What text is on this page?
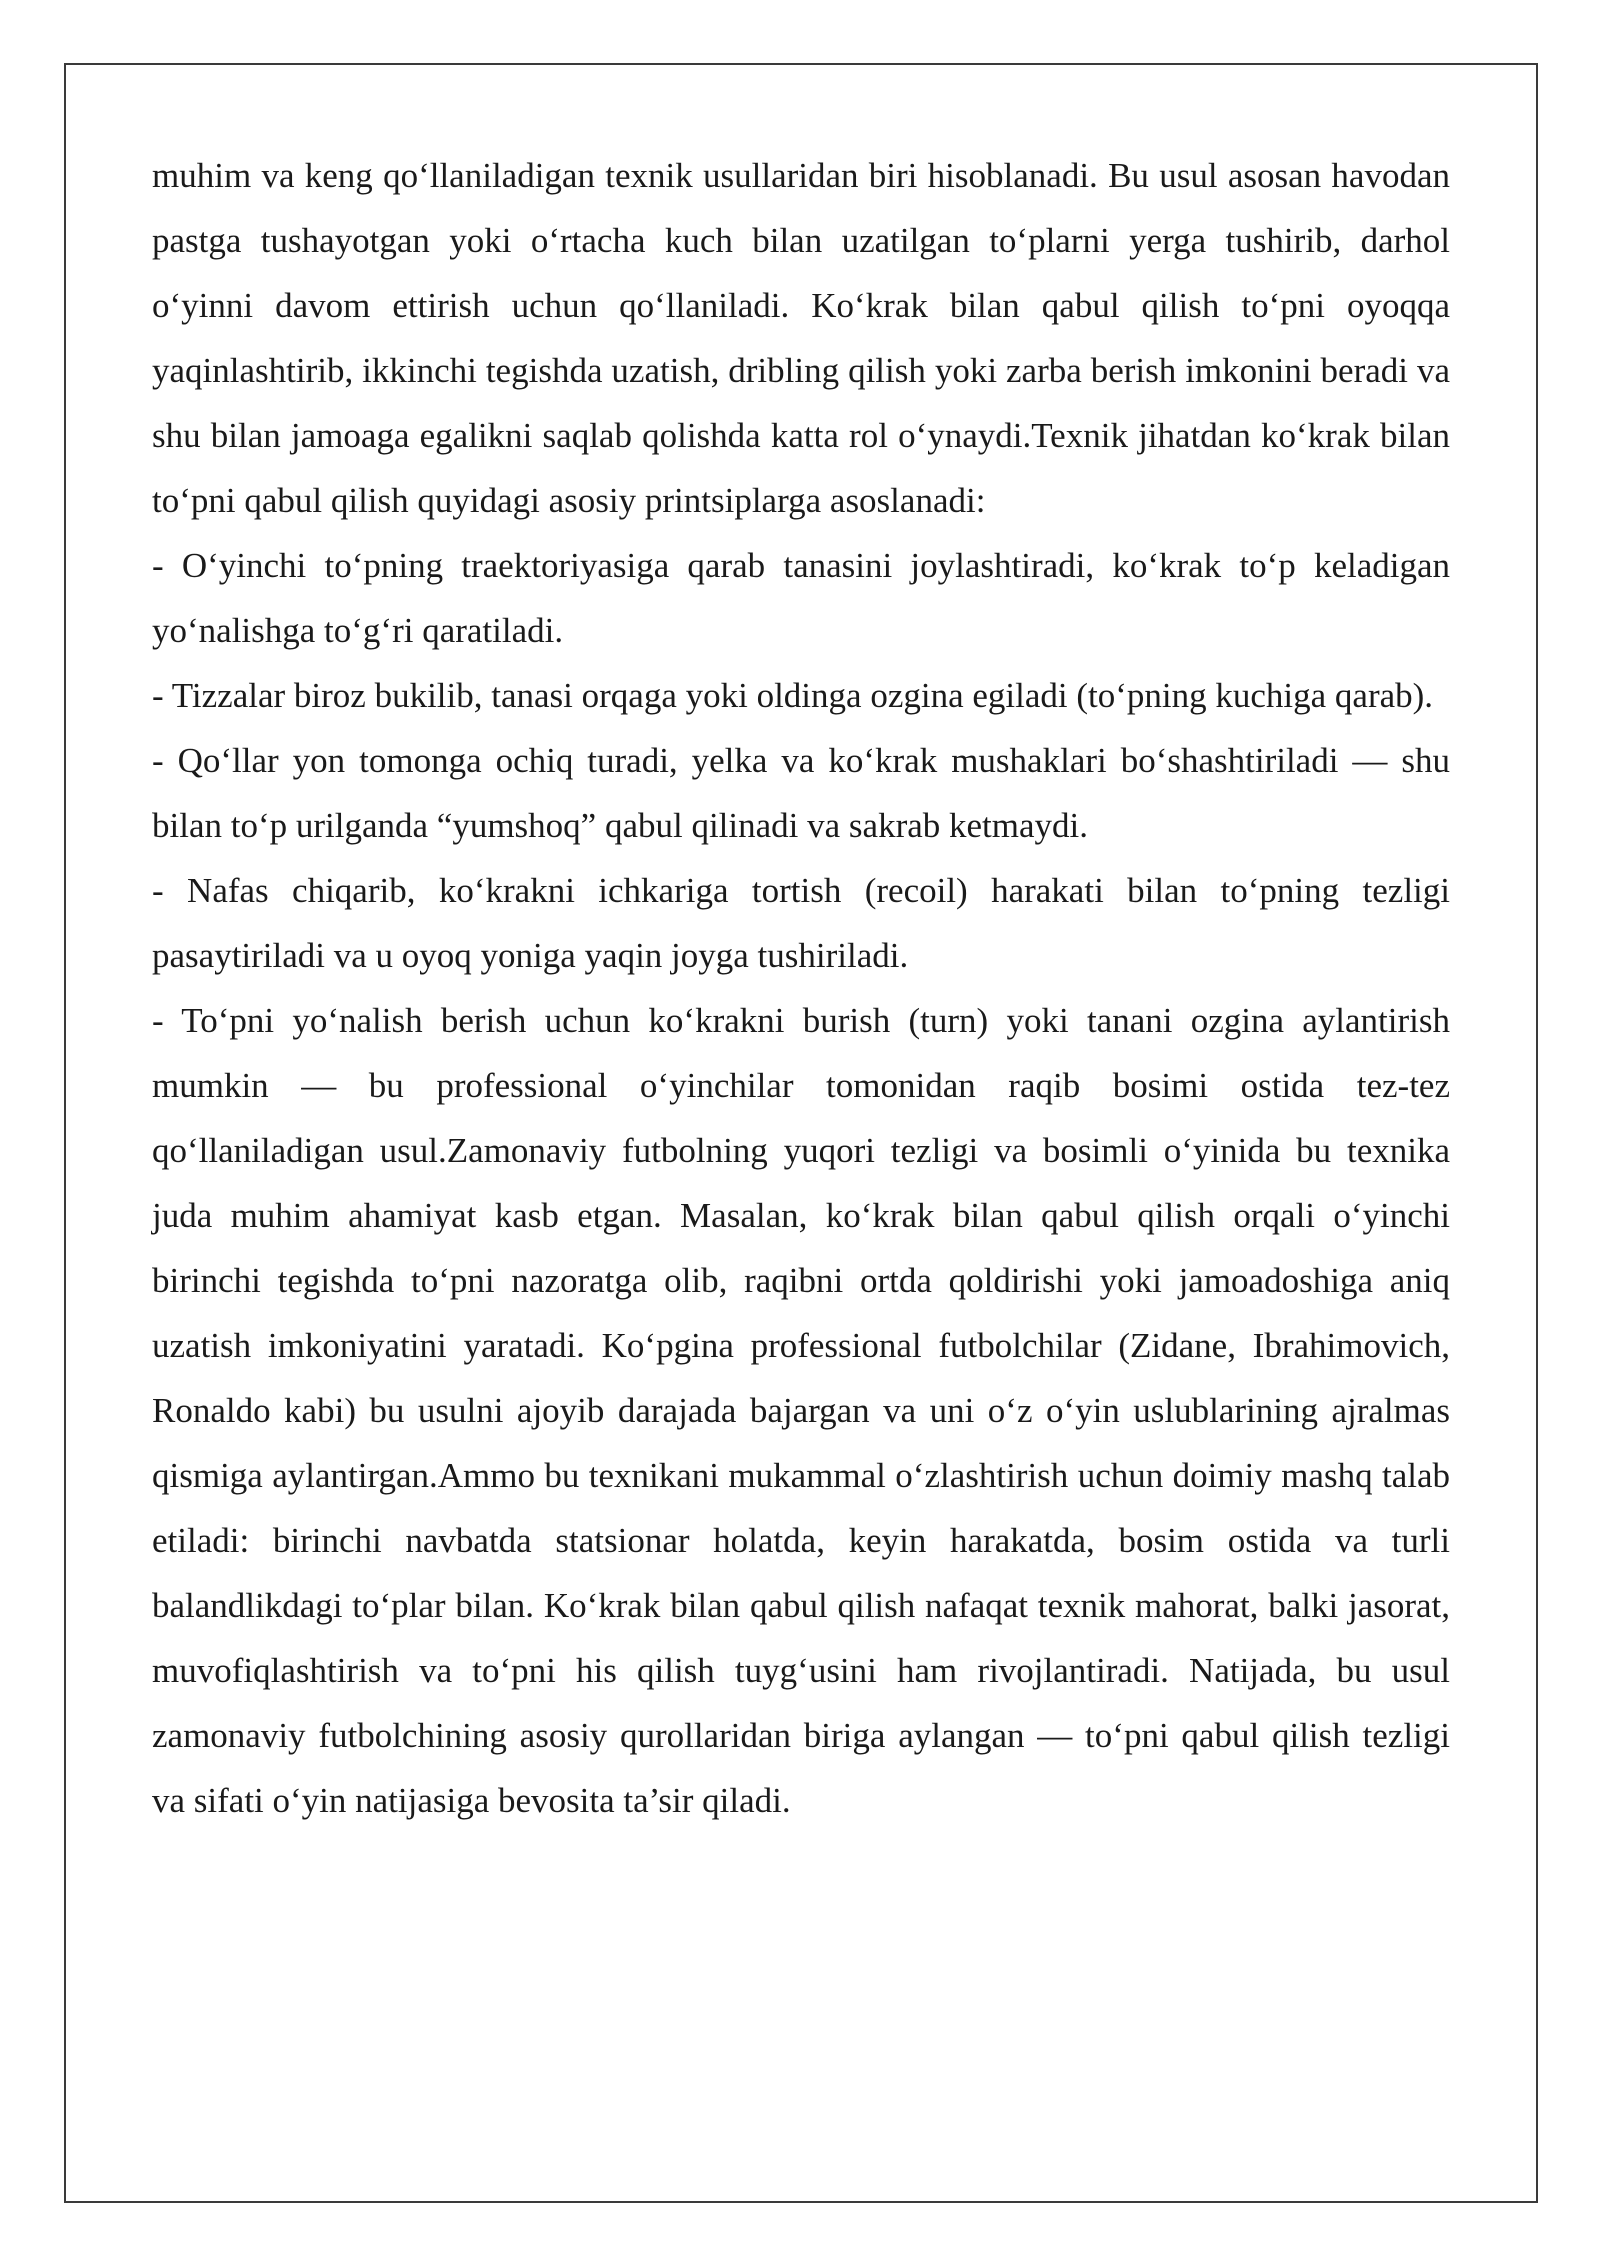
muhim va keng qo‘llaniladigan texnik usullaridan biri hisoblanadi. Bu usul asosan havodan pastga tushayotgan yoki o‘rtacha kuch bilan uzatilgan to‘plarni yerga tushirib, darhol o‘yinni davom ettirish uchun qo‘llaniladi. Ko‘krak bilan qabul qilish to‘pni oyoqqa yaqinlashtirib, ikkinchi tegishda uzatish, dribling qilish yoki zarba berish imkonini beradi va shu bilan jamoaga egalikni saqlab qolishda katta rol o‘ynaydi.Texnik jihatdan ko‘krak bilan to‘pni qabul qilish quyidagi asosiy printsiplarga asoslanadi:

- O‘yinchi to‘pning traektoriyasiga qarab tanasini joylashtiradi, ko‘krak to‘p keladigan yo‘nalishga to‘g‘ri qaratiladi.

- Tizzalar biroz bukilib, tanasi orqaga yoki oldinga ozgina egiladi (to‘pning kuchiga qarab).

- Qo‘llar yon tomonga ochiq turadi, yelka va ko‘krak mushaklari bo‘shashtiriladi — shu bilan to‘p urilganda “yumshoq” qabul qilinadi va sakrab ketmaydi.

- Nafas chiqarib, ko‘krakni ichkariga tortish (recoil) harakati bilan to‘pning tezligi pasaytiriladi va u oyoq yoniga yaqin joyga tushiriladi.

- To‘pni yo‘nalish berish uchun ko‘krakni burish (turn) yoki tanani ozgina aylantirish mumkin — bu professional o‘yinchilar tomonidan raqib bosimi ostida tez-tez qo‘llaniladigan usul.Zamonaviy futbolning yuqori tezligi va bosimli o‘yinida bu texnika juda muhim ahamiyat kasb etgan. Masalan, ko‘krak bilan qabul qilish orqali o‘yinchi birinchi tegishda to‘pni nazoratga olib, raqibni ortda qoldirishi yoki jamoadoshiga aniq uzatish imkoniyatini yaratadi. Ko‘pgina professional futbolchilar (Zidane, Ibrahimovich, Ronaldo kabi) bu usulni ajoyib darajada bajargan va uni o‘z o‘yin uslublarining ajralmas qismiga aylantirgan.Ammo bu texnikani mukammal o‘zlashtirish uchun doimiy mashq talab etiladi: birinchi navbatda statsionar holatda, keyin harakatda, bosim ostida va turli balandlikdagi to‘plar bilan. Ko‘krak bilan qabul qilish nafaqat texnik mahorat, balki jasorat, muvofiqlashtirish va to‘pni his qilish tuyg‘usini ham rivojlantiradi. Natijada, bu usul zamonaviy futbolchining asosiy qurollaridan biriga aylangan — to‘pni qabul qilish tezligi va sifati o‘yin natijasiga bevosita ta’sir qiladi.
